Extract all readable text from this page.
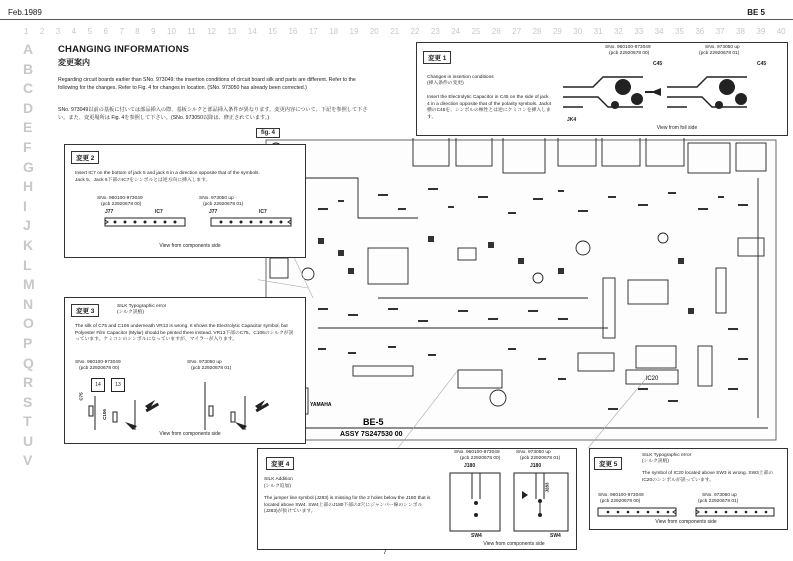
Feb.1989	BE 5
1 2 3 4 5 6 7 8 9 10 11 12 13 14 15 16 17 18 19 20 21 22 23 24 25 26 27 28 29 30 31 32 33 34 35 36 37 38 39 40
A
B
C
D
E
F
G
H
I
J
K
L
M
N
O
P
Q
R
S
T
U
V
CHANGING INFORMATIONS
変更案内
Regarding circuit boards earlier than SNo. 973049: the insertion conditions of circuit board silk and parts are different. Refer to the following for the changes. Refer to Fig. 4 for changes in location. (SNo. 973050 has already been corrected.)
SNo. 973049以前の基板に付いては部品挿入の際、基板シルクと部品挿入条件が異なります。変更内容について、下記を参照して下さい。また、変更場所は Fig. 4を参照して下さい。(SNo. 973050以降は、修正されています。)
fig. 4
IC20
BE-5
ASSY 7S247530 00
YAMAHA
変更 1
Changes in insertion conditions
(挿入条件の変更)
Insert the Electrolytic Capacitor in C45 on the side of jack 4 in a direction opposite that of the polarity symbols. Jack4横のC45を、シンボルの極性とは逆にケミコンを挿入します。
SNo. 960100-973049
(pcb 22920678 00)
SNo. 973050 up
(pcb 22920678 01)
C45	C45
JK4
View from foil side
変更 2
Insert IC7 on the bottom of jack 5 and jack 6 in a direction opposite that of the symbols. Jack 5、Jack 6下部のIC7をシンボルとは逆方向に挿入します。
SNo. 960100-973049
(pcb 22920678 00)
SNo. 973050 up
(pcb 22920678 01)
J77	IC7	J77	IC7
View from components side
変更 3
SILK Typographic error
(シルク誤植)
The silk of C75 and C106 underneath VR13 is wrong. It shows the Electrolytic Capacitor symbol, but Polyester Film Capacitor (Mylar) should be printed there instead. VR13下部のC75、C106のシルクが誤っています。ケミコンのシンボルになっていますが、マイラーが入ります。
SNo. 960100-973049
(pcb 22920678 00)
SNo. 973050 up
(pcb 22920678 01)
14	13
C75
C106
View from components side
変更 4
SILK Addition
(シルク追加)
The jumper line symbol (J283) is missing for the 2 holes below the J180 that is located above SW4. SW4上部のJ180下部の2穴にジャンパー線のシンボル(J283)が抜けています。
SNo. 960100-973049
(pcb 22920678 00)
SNo. 973050 up
(pcb 22920678 01)
J180	J180
J283
SW4	SW4
View from components side
変更 5
SILK Typographic error
(シルク誤植)
The symbol of IC20 located above SW3 is wrong. SW3上部のIC20のシンボルが誤っています。
SNo. 960100-973049
(pcb 22920678 00)
SNo. 973050 up
(pcb 22920678 01)
View from components side
7
